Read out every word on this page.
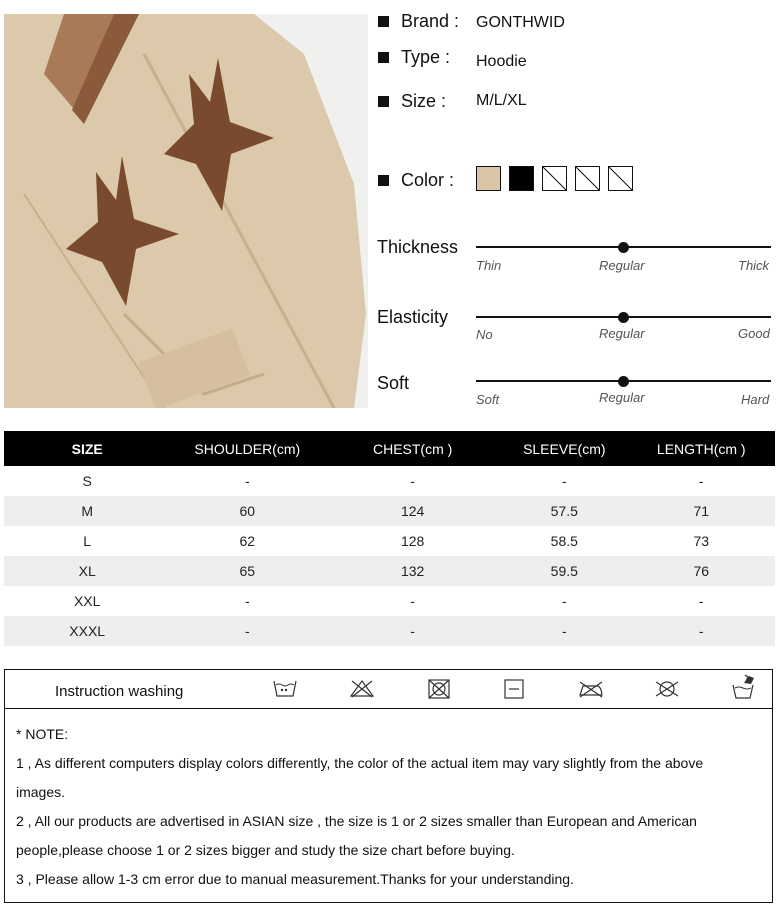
Brand : GONTHWID
Type : Hoodie
Size : M/L/XL
Color :
Thickness
Thin	Regular	Thick
Elasticity
No	Regular	Good
Soft
Soft	Regular	Hard
SIZE	SHOULDER(cm)	CHEST(cm )	SLEEVE(cm)	LENGTH(cm )
S	-	-	-	-
M	60	124	57.5	71
L	62	128	58.5	73
XL	65	132	59.5	76
XXL	-	-	-	-
XXXL	-	-	-	-
Instruction washing

* NOTE:

1 , As different computers display colors differently, the color of the actual item may vary slightly from the above

images.

2 , All our products are advertised in ASIAN size , the size is 1 or 2 sizes smaller than European and American

people,please choose 1 or 2 sizes bigger and study the size chart before buying.

3 , Please allow 1-3 cm error due to manual measurement.Thanks for your understanding.
